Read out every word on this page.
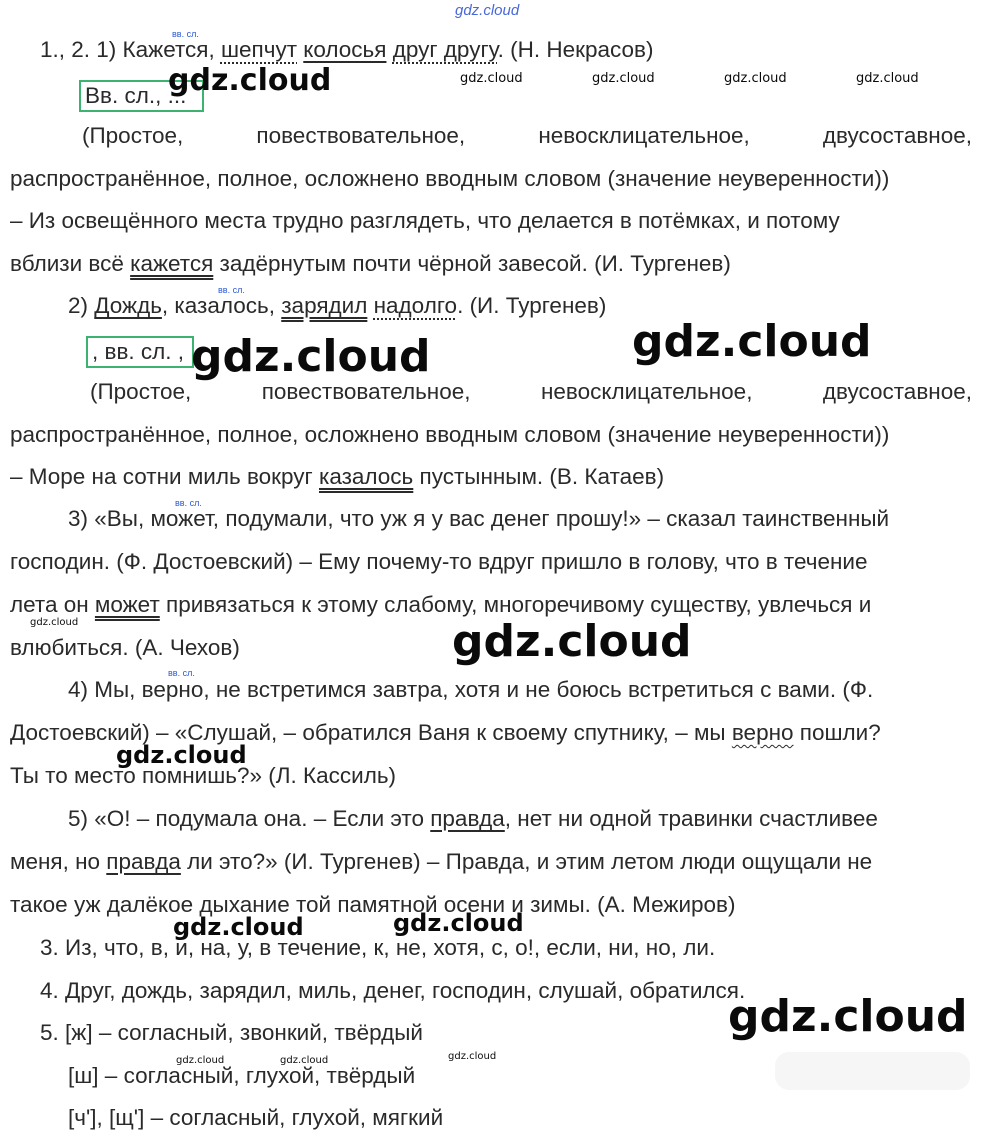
gdz.cloud
вв. сл.
1., 2. 1) Кажется, шепчут колосья друг другу. (Н. Некрасов)
Вв. сл., ...
(Простое,	повествовательное,	невосклицательное,	двусоставное,
распространённое, полное, осложнено вводным словом (значение неуверенности))
– Из освещённого места трудно разглядеть, что делается в потёмках, и потому
вблизи всё кажется задёрнутым почти чёрной завесой. (И. Тургенев)
вв. сл.
2) Дождь, казалось, зарядил надолго. (И. Тургенев)
, вв. сл. ,
(Простое,	повествовательное,	невосклицательное,	двусоставное,
распространённое, полное, осложнено вводным словом (значение неуверенности))
– Море на сотни миль вокруг казалось пустынным. (В. Катаев)
вв. сл.
3) «Вы, может, подумали, что уж я у вас денег прошу!» – сказал таинственный
господин. (Ф. Достоевский) – Ему почему-то вдруг пришло в голову, что в течение
лета он может привязаться к этому слабому, многоречивому существу, увлечься и
влюбиться. (А. Чехов)
вв. сл.
4) Мы, верно, не встретимся завтра, хотя и не боюсь встретиться с вами. (Ф.
Достоевский) – «Слушай, – обратился Ваня к своему спутнику, – мы верно пошли?
Ты то место помнишь?» (Л. Кассиль)
5) «О! – подумала она. – Если это правда, нет ни одной травинки счастливее
меня, но правда ли это?» (И. Тургенев) – Правда, и этим летом люди ощущали не
такое уж далёкое дыхание той памятной осени и зимы. (А. Межиров)
3. Из, что, в, и, на, у, в течение, к, не, хотя, с, о!, если, ни, но, ли.
4. Друг, дождь, зарядил, миль, денег, господин, слушай, обратился.
5. [ж] – согласный, звонкий, твёрдый
[ш] – согласный, глухой, твёрдый
[ч'], [щ'] – согласный, глухой, мягкий
gdz.cloud	gdz.cloud	gdz.cloud	gdz.cloud	gdz.cloud
gdz.cloud	gdz.cloud
gdz.cloud	gdz.cloud
gdz.cloud
gdz.cloud	gdz.cloud
gdz.cloud
gdz.cloud	gdz.cloud	gdz.cloud
